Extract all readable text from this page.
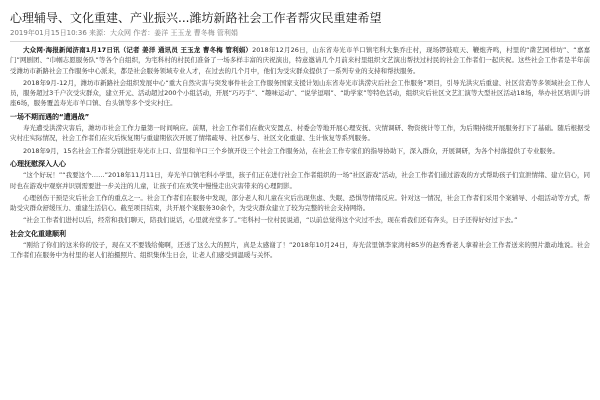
心理辅导、文化重建、产业振兴...潍坊新路社会工作者帮灾民重建希望
2019年01月15日10:36 来源：大众网 作者：姜洋 王玉龙 曹冬梅 管利娟

大众网·海报新闻济南1月17日讯（记者 姜洋 通讯员 王玉龙 曹冬梅 管利娟）2018年12月26日，山东省寿光市羊口镇宅科大集乔庄村，现场锣鼓喧天、鞭炮齐鸣，村里的“凿艺园样坊”、“嘉嘉门”网剧团、“巾帼志愿服务队”等各个自组织，为宅科村的村民们准备了一场多样丰富的庆祝演出，特意邀请几个月前来村里组织文艺演出帮扶过村民的社会工作者们一起庆祝。这些社会工作者是半年前受潍坊市新路社会工作服务中心派来，都是社会服务领域专业人才，在过去的几个月中，他们为受灾群众提供了一系列专业的支持和帮扶服务。

2018年9月-12月，潍坊市新路社会组织发展中心“重大自然灾害与突发事件社会工作服务国家支援计划山东省寿光市洪涝灾后社会工作服务”项目，引导光洪灾后重建、社区营造等多领域社会工作人员，服务超过3千户次受灾群众，建立开元、活动超过200个小组活动，开展“巧巧手”、“趣味运动”、“说学逗唱”、“助学家”等特色活动，组织灾后社区文艺汇演等大型社区活动18场，举办社区培训与讲座6场，服务覆盖寿光市羊口镇、台头镇等多个受灾村庄。

一场不期而遇的“遭遇战”

寿光遭受洪涝灾害后，潍坊市社会工作力量第一时间响应。前期，社会工作者们在救灾安置点、村委会等地开展心理安抚、灾情调研、物资统计等工作，为后期持续开展服务打下了基础。随后根据受灾村庄实际情况，社会工作者们在灾后恢复期与重建期依次开展了情绪疏导、社区参与、社区文化重建、生计恢复等系列服务。

2018年9月，15名社会工作者分别进驻寿光市上口、营里和羊口三个乡镇开设三个社会工作服务站，在社会工作专家们的指导协助下，深入群众，开展调研，为各个村落提供了专业服务。

心理抚慰深入人心

“这个好玩！”“我要这个……”2018年11月11日，寿光羊口镇宅科小学里，孩子们正在进行社会工作者组织的一场“社区游戏”活动，社会工作者们通过游戏的方式帮助孩子们宣泄情绪、建立信心，同时也在游戏中观察并识别需要进一步关注的儿童，让孩子们在欢笑中慢慢走出灾害带来的心理阴影。

心理创伤干预是灾后社会工作的重点之一。社会工作者们在服务中发现，部分老人和儿童在灾后出现焦虑、失眠、恐惧等情绪反应。针对这一情况，社会工作者们采用个案辅导、小组活动等方式，帮助受灾群众舒缓压力、重建生活信心。截至项目结束，共开展个案服务30余个，为受灾群众建立了较为完整的社会支持网络。

“社会工作者们进村以后，经常和我们聊天，陪我们说话，心里就亮堂多了。”宅科村一位村民说道，“以前总觉得这个灾过不去，现在看我们还有奔头，日子还得好好过下去。”

社会文化重建顺利

“刚给了你们的这米你的饺子，现在又不要钱给俺啊，还送了这么大的照片，真是太感谢了！”2018年10月24日，寿光营里镇李家湾村85岁的赵秀香老人拿着社会工作者送来的照片激动地说。社会工作者们在服务中为村里的老人们拍摄照片、组织集体生日会，让老人们感受到温暖与关怀。
